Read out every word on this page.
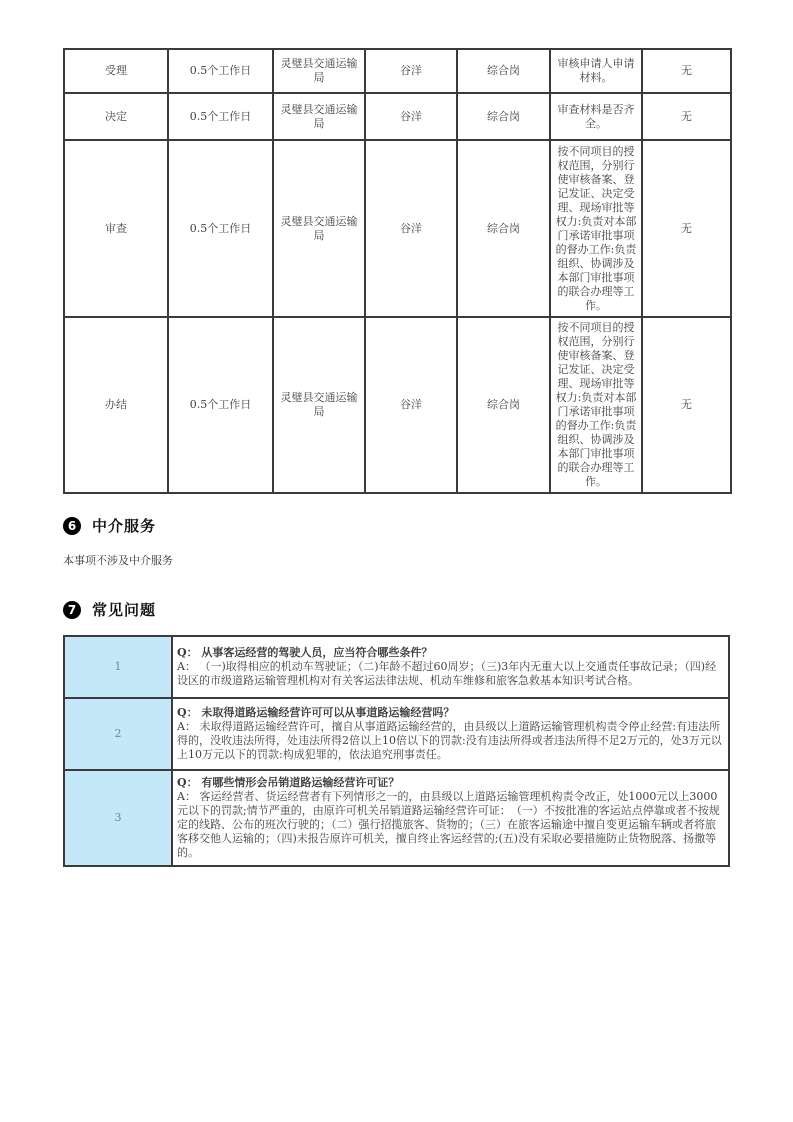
受理	0.5个工作日	灵璧县交通运输局	谷洋	综合岗	审核申请人申请材料。	无
决定	0.5个工作日	灵璧县交通运输局	谷洋	综合岗	审查材料是否齐全。	无
审查	0.5个工作日	灵璧县交通运输局	谷洋	综合岗	按不同项目的授权范围，分别行使审核备案、登记发证、决定受理、现场审批等权力:负责对本部门承诺审批事项的督办工作:负责组织、协调涉及本部门审批事项的联合办理等工作。	无
办结	0.5个工作日	灵璧县交通运输局	谷洋	综合岗	按不同项目的授权范围，分别行使审核备案、登记发证、决定受理、现场审批等权力:负责对本部门承诺审批事项的督办工作:负责组织、协调涉及本部门审批事项的联合办理等工作。	无
6	中介服务

本事项不涉及中介服务

7	常见问题
1	Q： 从事客运经营的驾驶人员，应当符合哪些条件？
A： （一)取得相应的机动车驾驶证；（二)年龄不超过60周岁；（三)3年内无重大以上交通责任事故记录；（四)经设区的市级道路运输管理机构对有关客运法律法规、机动车维修和旅客急救基本知识考试合格。

2	Q： 未取得道路运输经营许可可以从事道路运输经营吗？
A： 未取得道路运输经营许可，擅自从事道路运输经营的，由县级以上道路运输管理机构责令停止经营:有违法所得的，没收违法所得，处违法所得2倍以上10倍以下的罚款:没有违法所得或者违法所得不足2万元的，处3万元以上10万元以下的罚款:构成犯罪的，依法追究刑事责任。

3	Q： 有哪些情形会吊销道路运输经营许可证？
A： 客运经营者、货运经营者有下列情形之一的，由县级以上道路运输管理机构责令改正，处1000元以上3000元以下的罚款;情节严重的，由原许可机关吊销道路运输经营许可证：　（一）不按批准的客运站点停靠或者不按规定的线路、公布的班次行驶的；（二）强行招揽旅客、货物的；（三）在旅客运输途中擅自变更运输车辆或者将旅客移交他人运输的；（四)未报告原许可机关，擅自终止客运经营的;(五)没有采取必要措施防止货物脱落、扬撒等的。
